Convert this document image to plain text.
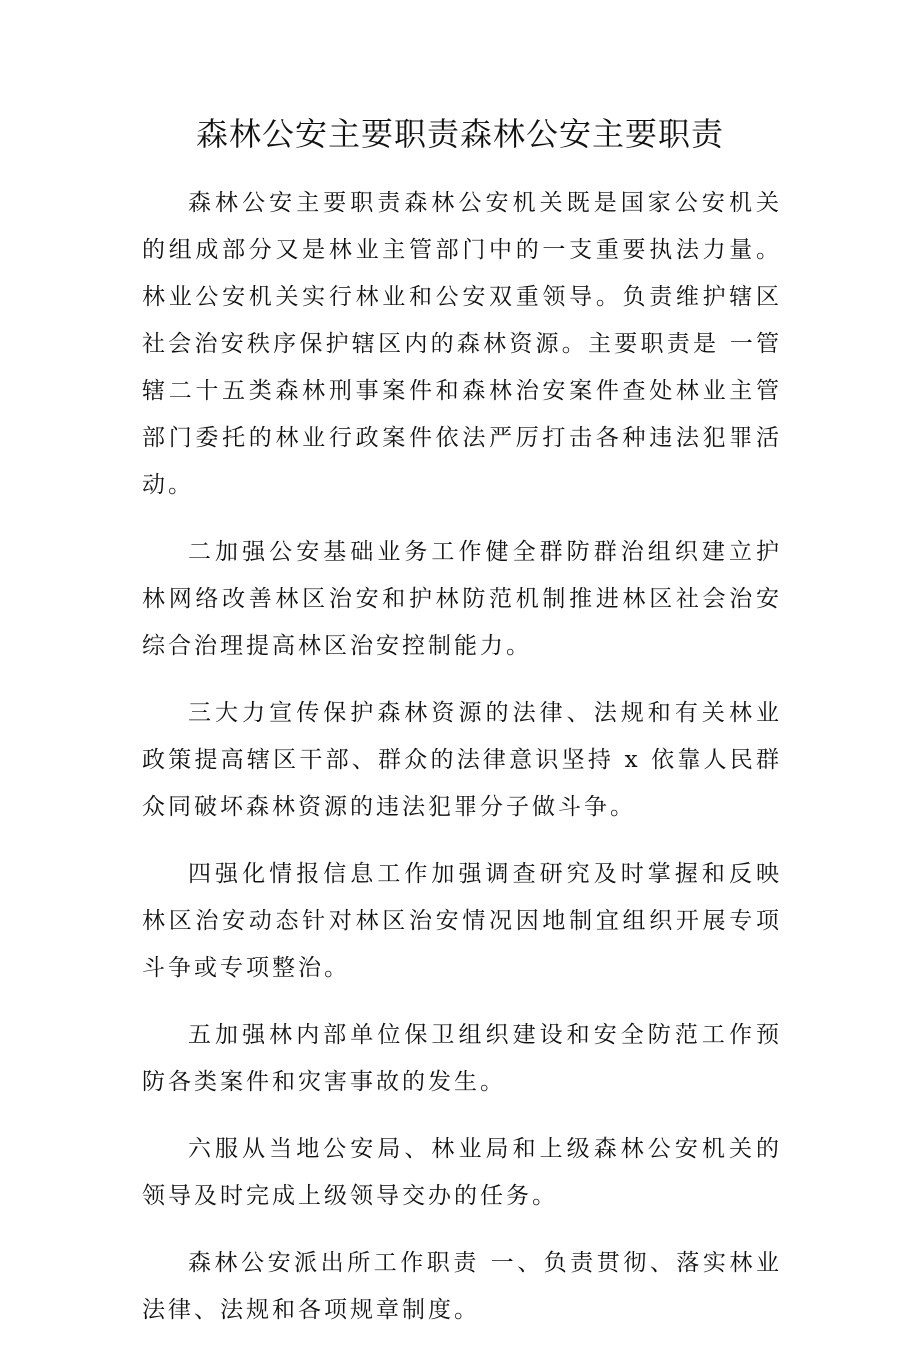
森林公安主要职责森林公安主要职责

森林公安主要职责森林公安机关既是国家公安机关的组成部分又是林业主管部门中的一支重要执法力量。林业公安机关实行林业和公安双重领导。负责维护辖区社会治安秩序保护辖区内的森林资源。主要职责是 一管辖二十五类森林刑事案件和森林治安案件查处林业主管部门委托的林业行政案件依法严厉打击各种违法犯罪活动。

二加强公安基础业务工作健全群防群治组织建立护林网络改善林区治安和护林防范机制推进林区社会治安综合治理提高林区治安控制能力。

三大力宣传保护森林资源的法律、法规和有关林业政策提高辖区干部、群众的法律意识坚持 x 依靠人民群众同破坏森林资源的违法犯罪分子做斗争。

四强化情报信息工作加强调查研究及时掌握和反映林区治安动态针对林区治安情况因地制宜组织开展专项斗争或专项整治。

五加强林内部单位保卫组织建设和安全防范工作预防各类案件和灾害事故的发生。

六服从当地公安局、林业局和上级森林公安机关的领导及时完成上级领导交办的任务。

森林公安派出所工作职责 一、负责贯彻、落实林业法律、法规和各项规章制度。
